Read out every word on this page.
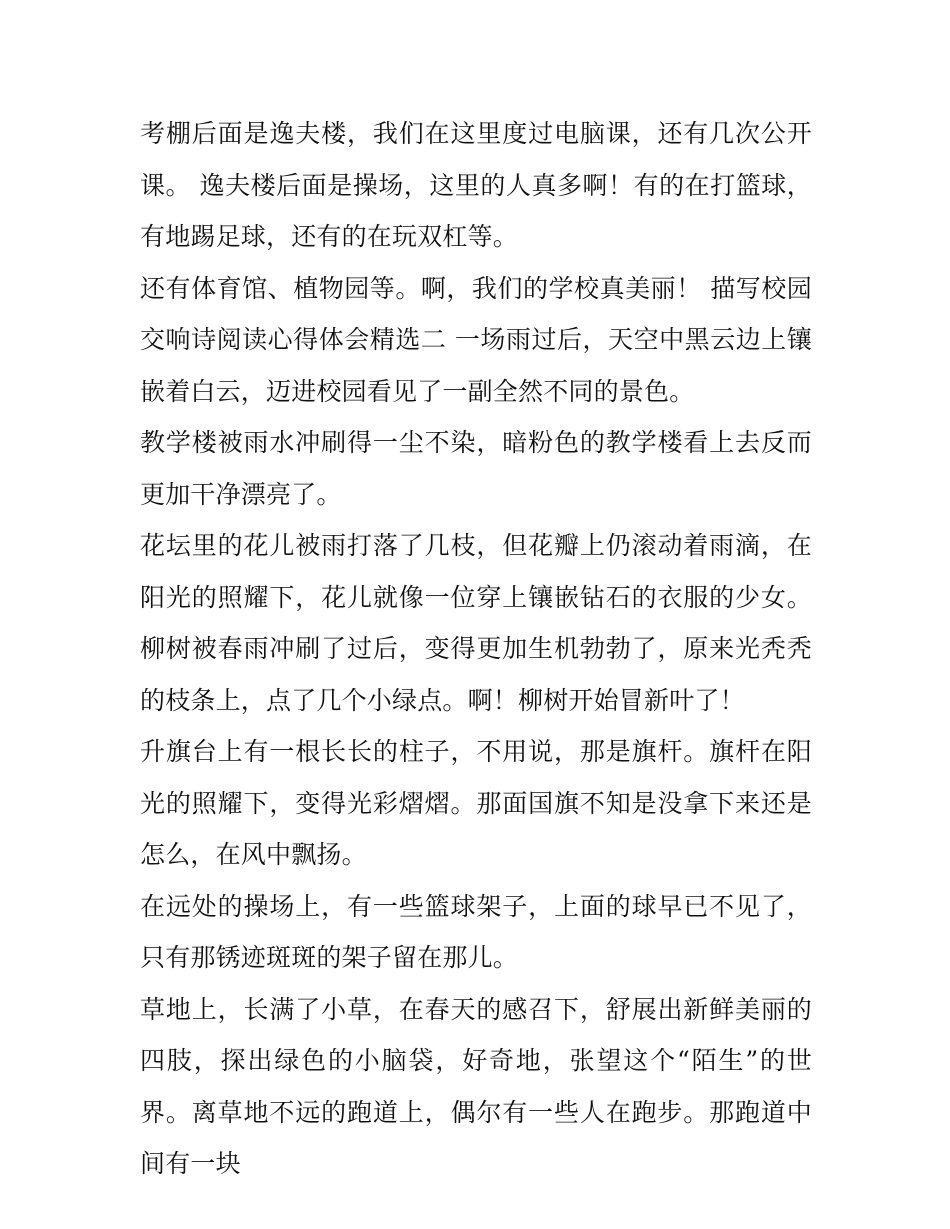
考棚后面是逸夫楼，我们在这里度过电脑课，还有几次公开课。 逸夫楼后面是操场，这里的人真多啊！有的在打篮球，有地踢足球，还有的在玩双杠等。

还有体育馆、植物园等。啊，我们的学校真美丽！ 描写校园交响诗阅读心得体会精选二 一场雨过后，天空中黑云边上镶嵌着白云，迈进校园看见了一副全然不同的景色。

教学楼被雨水冲刷得一尘不染，暗粉色的教学楼看上去反而更加干净漂亮了。

花坛里的花儿被雨打落了几枝，但花瓣上仍滚动着雨滴，在阳光的照耀下，花儿就像一位穿上镶嵌钻石的衣服的少女。柳树被春雨冲刷了过后，变得更加生机勃勃了，原来光秃秃的枝条上，点了几个小绿点。啊！柳树开始冒新叶了！

升旗台上有一根长长的柱子，不用说，那是旗杆。旗杆在阳光的照耀下，变得光彩熠熠。那面国旗不知是没拿下来还是怎么，在风中飘扬。

在远处的操场上，有一些篮球架子，上面的球早已不见了，只有那锈迹斑斑的架子留在那儿。

草地上，长满了小草，在春天的感召下，舒展出新鲜美丽的四肢，探出绿色的小脑袋，好奇地，张望这个“陌生”的世界。离草地不远的跑道上，偶尔有一些人在跑步。那跑道中间有一块
